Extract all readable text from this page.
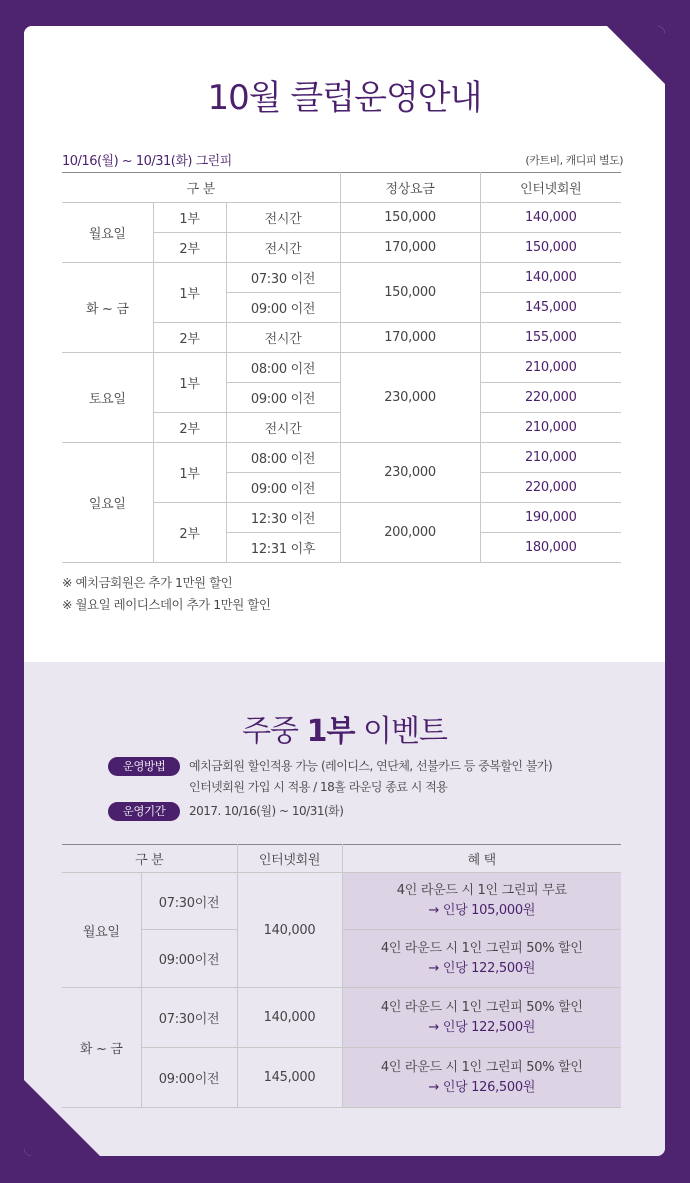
10월 클럽운영안내
10/16(월) ~ 10/31(화) 그린피	(카트비, 캐디피 별도)
구 분			정상요금	인터넷회원
월요일	1부	전시간	150,000	140,000
	2부	전시간	170,000	150,000
화 ~ 금	1부	07:30 이전	150,000	140,000
		09:00 이전		145,000
	2부	전시간	170,000	155,000
토요일	1부	08:00 이전	230,000	210,000
		09:00 이전		220,000
	2부	전시간		210,000
일요일	1부	08:00 이전	230,000	210,000
		09:00 이전		220,000
	2부	12:30 이전	200,000	190,000
		12:31 이후		180,000
※ 예치금회원은 추가 1만원 할인
※ 월요일 레이디스데이 추가 1만원 할인
주중 1부 이벤트
운영방법	예치금회원 할인적용 가능 (레이디스, 연단체, 선불카드 등 중복할인 불가)
인터넷회원 가입 시 적용 / 18홀 라운딩 종료 시 적용
운영기간	2017. 10/16(월) ~ 10/31(화)
구 분		인터넷회원	혜 택
월요일	07:30이전	140,000	4인 라운드 시 1인 그린피 무료
→ 인당 105,000원

	09:00이전		4인 라운드 시 1인 그린피 50% 할인
→ 인당 122,500원

화 ~ 금	07:30이전	140,000	4인 라운드 시 1인 그린피 50% 할인
→ 인당 122,500원

	09:00이전	145,000	4인 라운드 시 1인 그린피 50% 할인
→ 인당 126,500원
